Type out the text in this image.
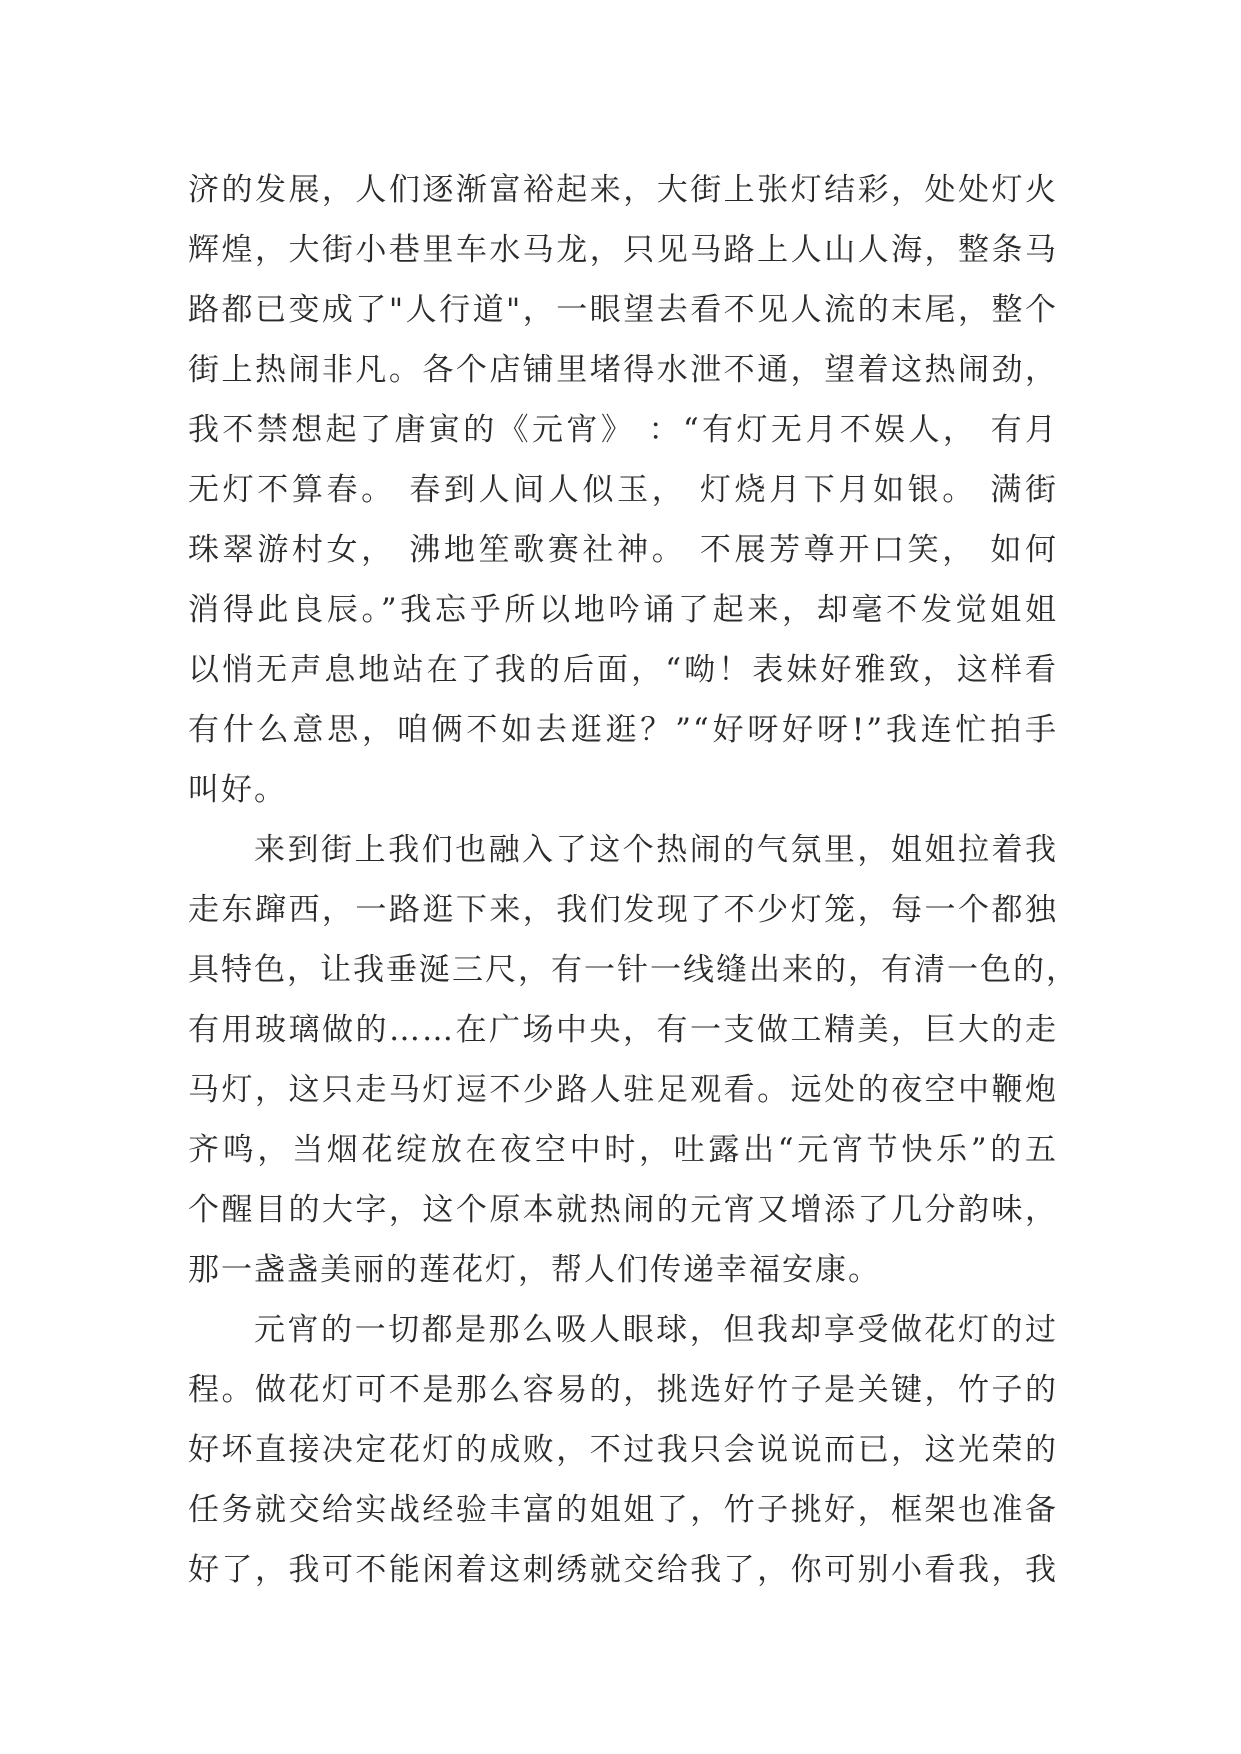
济的发展，人们逐渐富裕起来，大街上张灯结彩，处处灯火
辉煌，大街小巷里车水马龙，只见马路上人山人海，整条马
路都已变成了"人行道"，一眼望去看不见人流的末尾，整个
街上热闹非凡。各个店铺里堵得水泄不通，望着这热闹劲，
我不禁想起了唐寅的《元宵》 ：“有灯无月不娱人， 有月
无灯不算春。 春到人间人似玉， 灯烧月下月如银。 满街
珠翠游村女， 沸地笙歌赛社神。 不展芳尊开口笑， 如何
消得此良辰。”我忘乎所以地吟诵了起来，却毫不发觉姐姐
以悄无声息地站在了我的后面，“呦！表妹好雅致，这样看
有什么意思，咱俩不如去逛逛？”“好呀好呀!”我连忙拍手
叫好。
来到街上我们也融入了这个热闹的气氛里，姐姐拉着我
走东蹿西，一路逛下来，我们发现了不少灯笼，每一个都独
具特色，让我垂涎三尺，有一针一线缝出来的，有清一色的，
有用玻璃做的……在广场中央，有一支做工精美，巨大的走
马灯，这只走马灯逗不少路人驻足观看。远处的夜空中鞭炮
齐鸣，当烟花绽放在夜空中时，吐露出“元宵节快乐”的五
个醒目的大字，这个原本就热闹的元宵又增添了几分韵味，
那一盏盏美丽的莲花灯，帮人们传递幸福安康。
元宵的一切都是那么吸人眼球，但我却享受做花灯的过
程。做花灯可不是那么容易的，挑选好竹子是关键，竹子的
好坏直接决定花灯的成败，不过我只会说说而已，这光荣的
任务就交给实战经验丰富的姐姐了，竹子挑好，框架也准备
好了，我可不能闲着这刺绣就交给我了，你可别小看我，我
